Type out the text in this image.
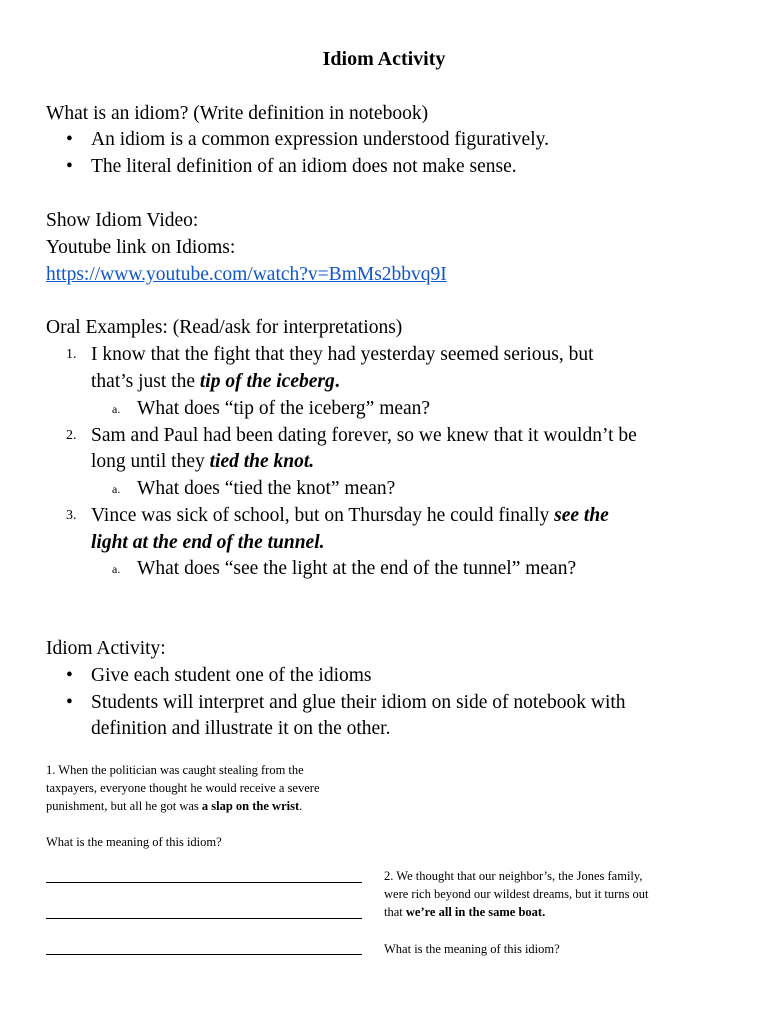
Idiom Activity
What is an idiom? (Write definition in notebook)
• An idiom is a common expression understood figuratively.
• The literal definition of an idiom does not make sense.
Show Idiom Video:
Youtube link on Idioms:
https://www.youtube.com/watch?v=BmMs2bbvq9I
Oral Examples: (Read/ask for interpretations)
1. I know that the fight that they had yesterday seemed serious, but
that’s just the tip of the iceberg.
a. What does “tip of the iceberg” mean?
2. Sam and Paul had been dating forever, so we knew that it wouldn’t be
long until they tied the knot.
a. What does “tied the knot” mean?
3. Vince was sick of school, but on Thursday he could finally see the
light at the end of the tunnel.
a. What does “see the light at the end of the tunnel” mean?
Idiom Activity:
• Give each student one of the idioms
• Students will interpret and glue their idiom on side of notebook with
definition and illustrate it on the other.
1. When the politician was caught stealing from the
taxpayers, everyone thought he would receive a severe
punishment, but all he got was a slap on the wrist.
What is the meaning of this idiom?
2. We thought that our neighbor’s, the Jones family,
were rich beyond our wildest dreams, but it turns out
that we’re all in the same boat.
What is the meaning of this idiom?
